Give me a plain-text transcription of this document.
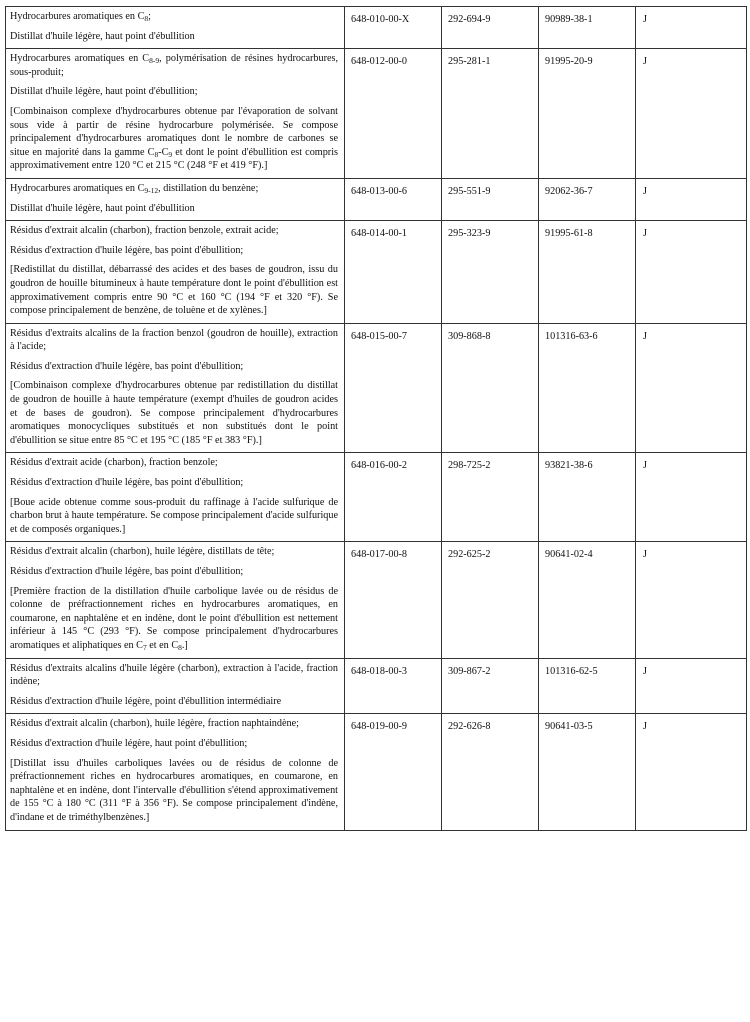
Hydrocarbures aromatiques en C8;

Distillat d'huile légère, haut point d'ébullition	648-010-00-X	292-694-9	90989-38-1	J

Hydrocarbures aromatiques en C8-9, polymérisation de résines hydrocarbures, sous-produit;

Distillat d'huile légère, haut point d'ébullition;

[Combinaison complexe d'hydrocarbures obtenue par l'évaporation de solvant sous vide à partir de résine hydrocarbure polymérisée. Se compose principalement d'hydrocarbures aromatiques dont le nombre de carbones se situe en majorité dans la gamme C8-C9 et dont le point d'ébullition est compris approximativement entre 120 °C et 215 °C (248 °F et 419 °F).]	648-012-00-0	295-281-1	91995-20-9	J

Hydrocarbures aromatiques en C9-12, distillation du benzène;

Distillat d'huile légère, haut point d'ébullition	648-013-00-6	295-551-9	92062-36-7	J

Résidus d'extrait alcalin (charbon), fraction benzole, extrait acide;

Résidus d'extraction d'huile légère, bas point d'ébullition;

[Redistillat du distillat, débarrassé des acides et des bases de goudron, issu du goudron de houille bitumineux à haute température dont le point d'ébullition est approximativement compris entre 90 °C et 160 °C (194 °F et 320 °F). Se compose principalement de benzène, de toluène et de xylènes.]	648-014-00-1	295-323-9	91995-61-8	J

Résidus d'extraits alcalins de la fraction benzol (goudron de houille), extraction à l'acide;

Résidus d'extraction d'huile légère, bas point d'ébullition;

[Combinaison complexe d'hydrocarbures obtenue par redistillation du distillat de goudron de houille à haute température (exempt d'huiles de goudron acides et de bases de goudron). Se compose principalement d'hydrocarbures aromatiques monocycliques substitués et non substitués dont le point d'ébullition se situe entre 85 °C et 195 °C (185 °F et 383 °F).]	648-015-00-7	309-868-8	101316-63-6	J

Résidus d'extrait acide (charbon), fraction benzole;

Résidus d'extraction d'huile légère, bas point d'ébullition;

[Boue acide obtenue comme sous-produit du raffinage à l'acide sulfurique de charbon brut à haute température. Se compose principalement d'acide sulfurique et de composés organiques.]	648-016-00-2	298-725-2	93821-38-6	J

Résidus d'extrait alcalin (charbon), huile légère, distillats de tête;

Résidus d'extraction d'huile légère, bas point d'ébullition;

[Première fraction de la distillation d'huile carbolique lavée ou de résidus de colonne de préfractionnement riches en hydrocarbures aromatiques, en coumarone, en naphtalène et en indène, dont le point d'ébullition est nettement inférieur à 145 °C (293 °F). Se compose principalement d'hydrocarbures aromatiques et aliphatiques en C7 et en C8.]	648-017-00-8	292-625-2	90641-02-4	J

Résidus d'extraits alcalins d'huile légère (charbon), extraction à l'acide, fraction indène;

Résidus d'extraction d'huile légère, point d'ébullition intermédiaire	648-018-00-3	309-867-2	101316-62-5	J

Résidus d'extrait alcalin (charbon), huile légère, fraction naphtaindène;

Résidus d'extraction d'huile légère, haut point d'ébullition;

[Distillat issu d'huiles carboliques lavées ou de résidus de colonne de préfractionnement riches en hydrocarbures aromatiques, en coumarone, en naphtalène et en indène, dont l'intervalle d'ébullition s'étend approximativement de 155 °C à 180 °C (311 °F à 356 °F). Se compose principalement d'indène, d'indane et de triméthylbenzènes.]	648-019-00-9	292-626-8	90641-03-5	J
